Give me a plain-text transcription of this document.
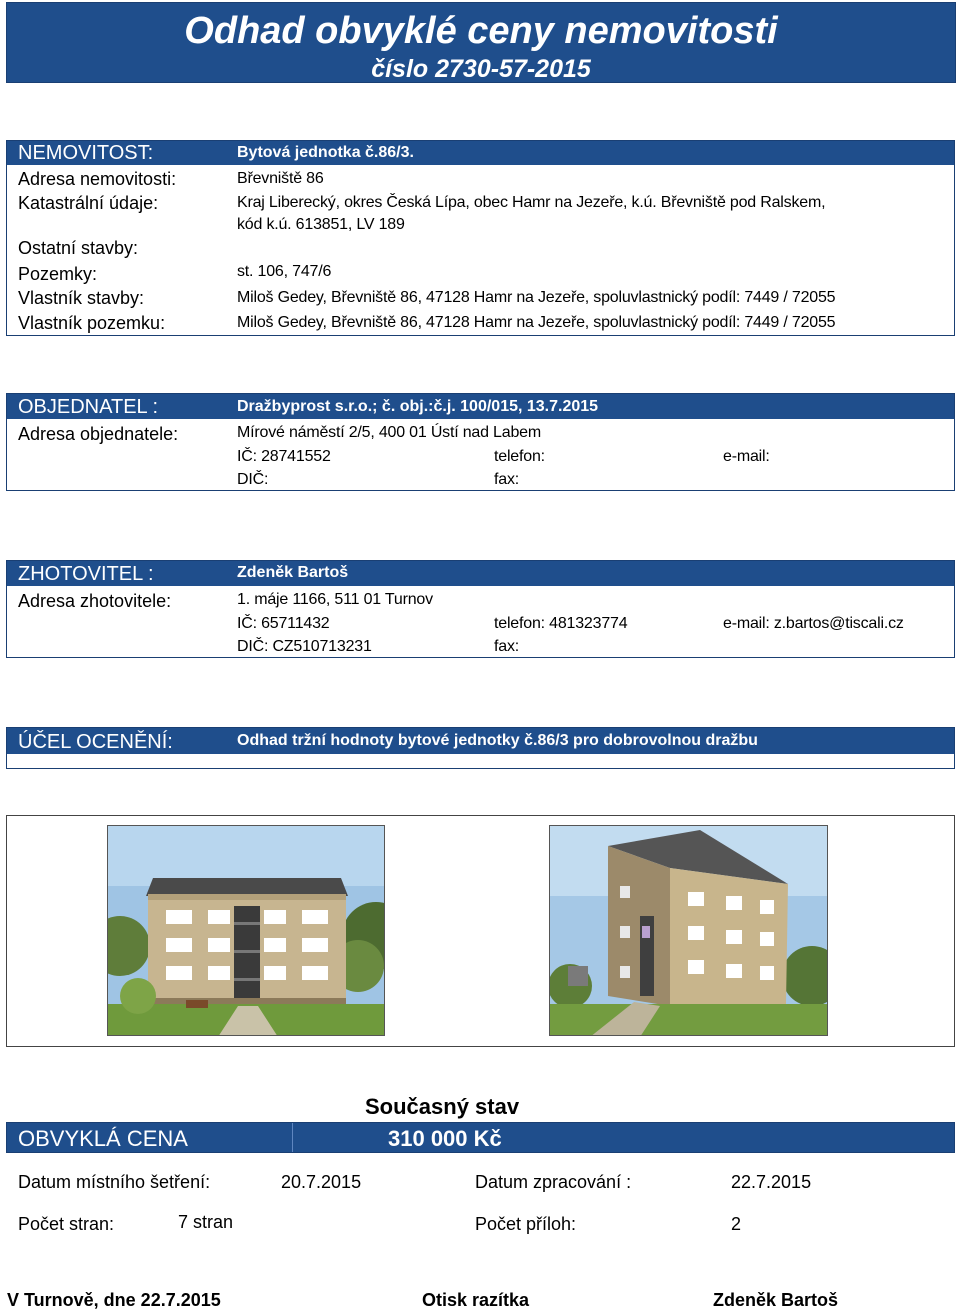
Odhad obvyklé ceny nemovitosti
číslo 2730-57-2015
NEMOVITOST:	Bytová jednotka č.86/3.
Adresa nemovitosti:	Břevniště 86
Katastrální údaje:	Kraj Liberecký, okres Česká Lípa, obec Hamr na Jezeře, k.ú. Břevniště pod Ralskem,
kód k.ú. 613851, LV 189
Ostatní stavby:
Pozemky:	st. 106, 747/6
Vlastník stavby:	Miloš Gedey, Břevniště 86, 47128 Hamr na Jezeře, spoluvlastnický podíl: 7449 / 72055
Vlastník pozemku:	Miloš Gedey, Břevniště 86, 47128 Hamr na Jezeře, spoluvlastnický podíl: 7449 / 72055
OBJEDNATEL :	Dražbyprost s.r.o.; č. obj.:č.j. 100/015, 13.7.2015
Adresa objednatele:	Mírové náměstí 2/5, 400 01 Ústí nad Labem
IČ: 28741552	telefon:	e-mail:
DIČ:	fax:
ZHOTOVITEL :	Zdeněk Bartoš
Adresa zhotovitele:	1. máje 1166, 511 01 Turnov
IČ: 65711432	telefon: 481323774	e-mail: z.bartos@tiscali.cz
DIČ: CZ510713231	fax:
ÚČEL OCENĚNÍ:	Odhad tržní hodnoty bytové jednotky č.86/3 pro dobrovolnou dražbu
Současný stav
OBVYKLÁ CENA	310 000 Kč
Datum místního šetření:	20.7.2015	Datum zpracování :	22.7.2015
Počet stran:	7 stran	Počet příloh:	2
V Turnově, dne 22.7.2015	Otisk razítka	Zdeněk Bartoš
